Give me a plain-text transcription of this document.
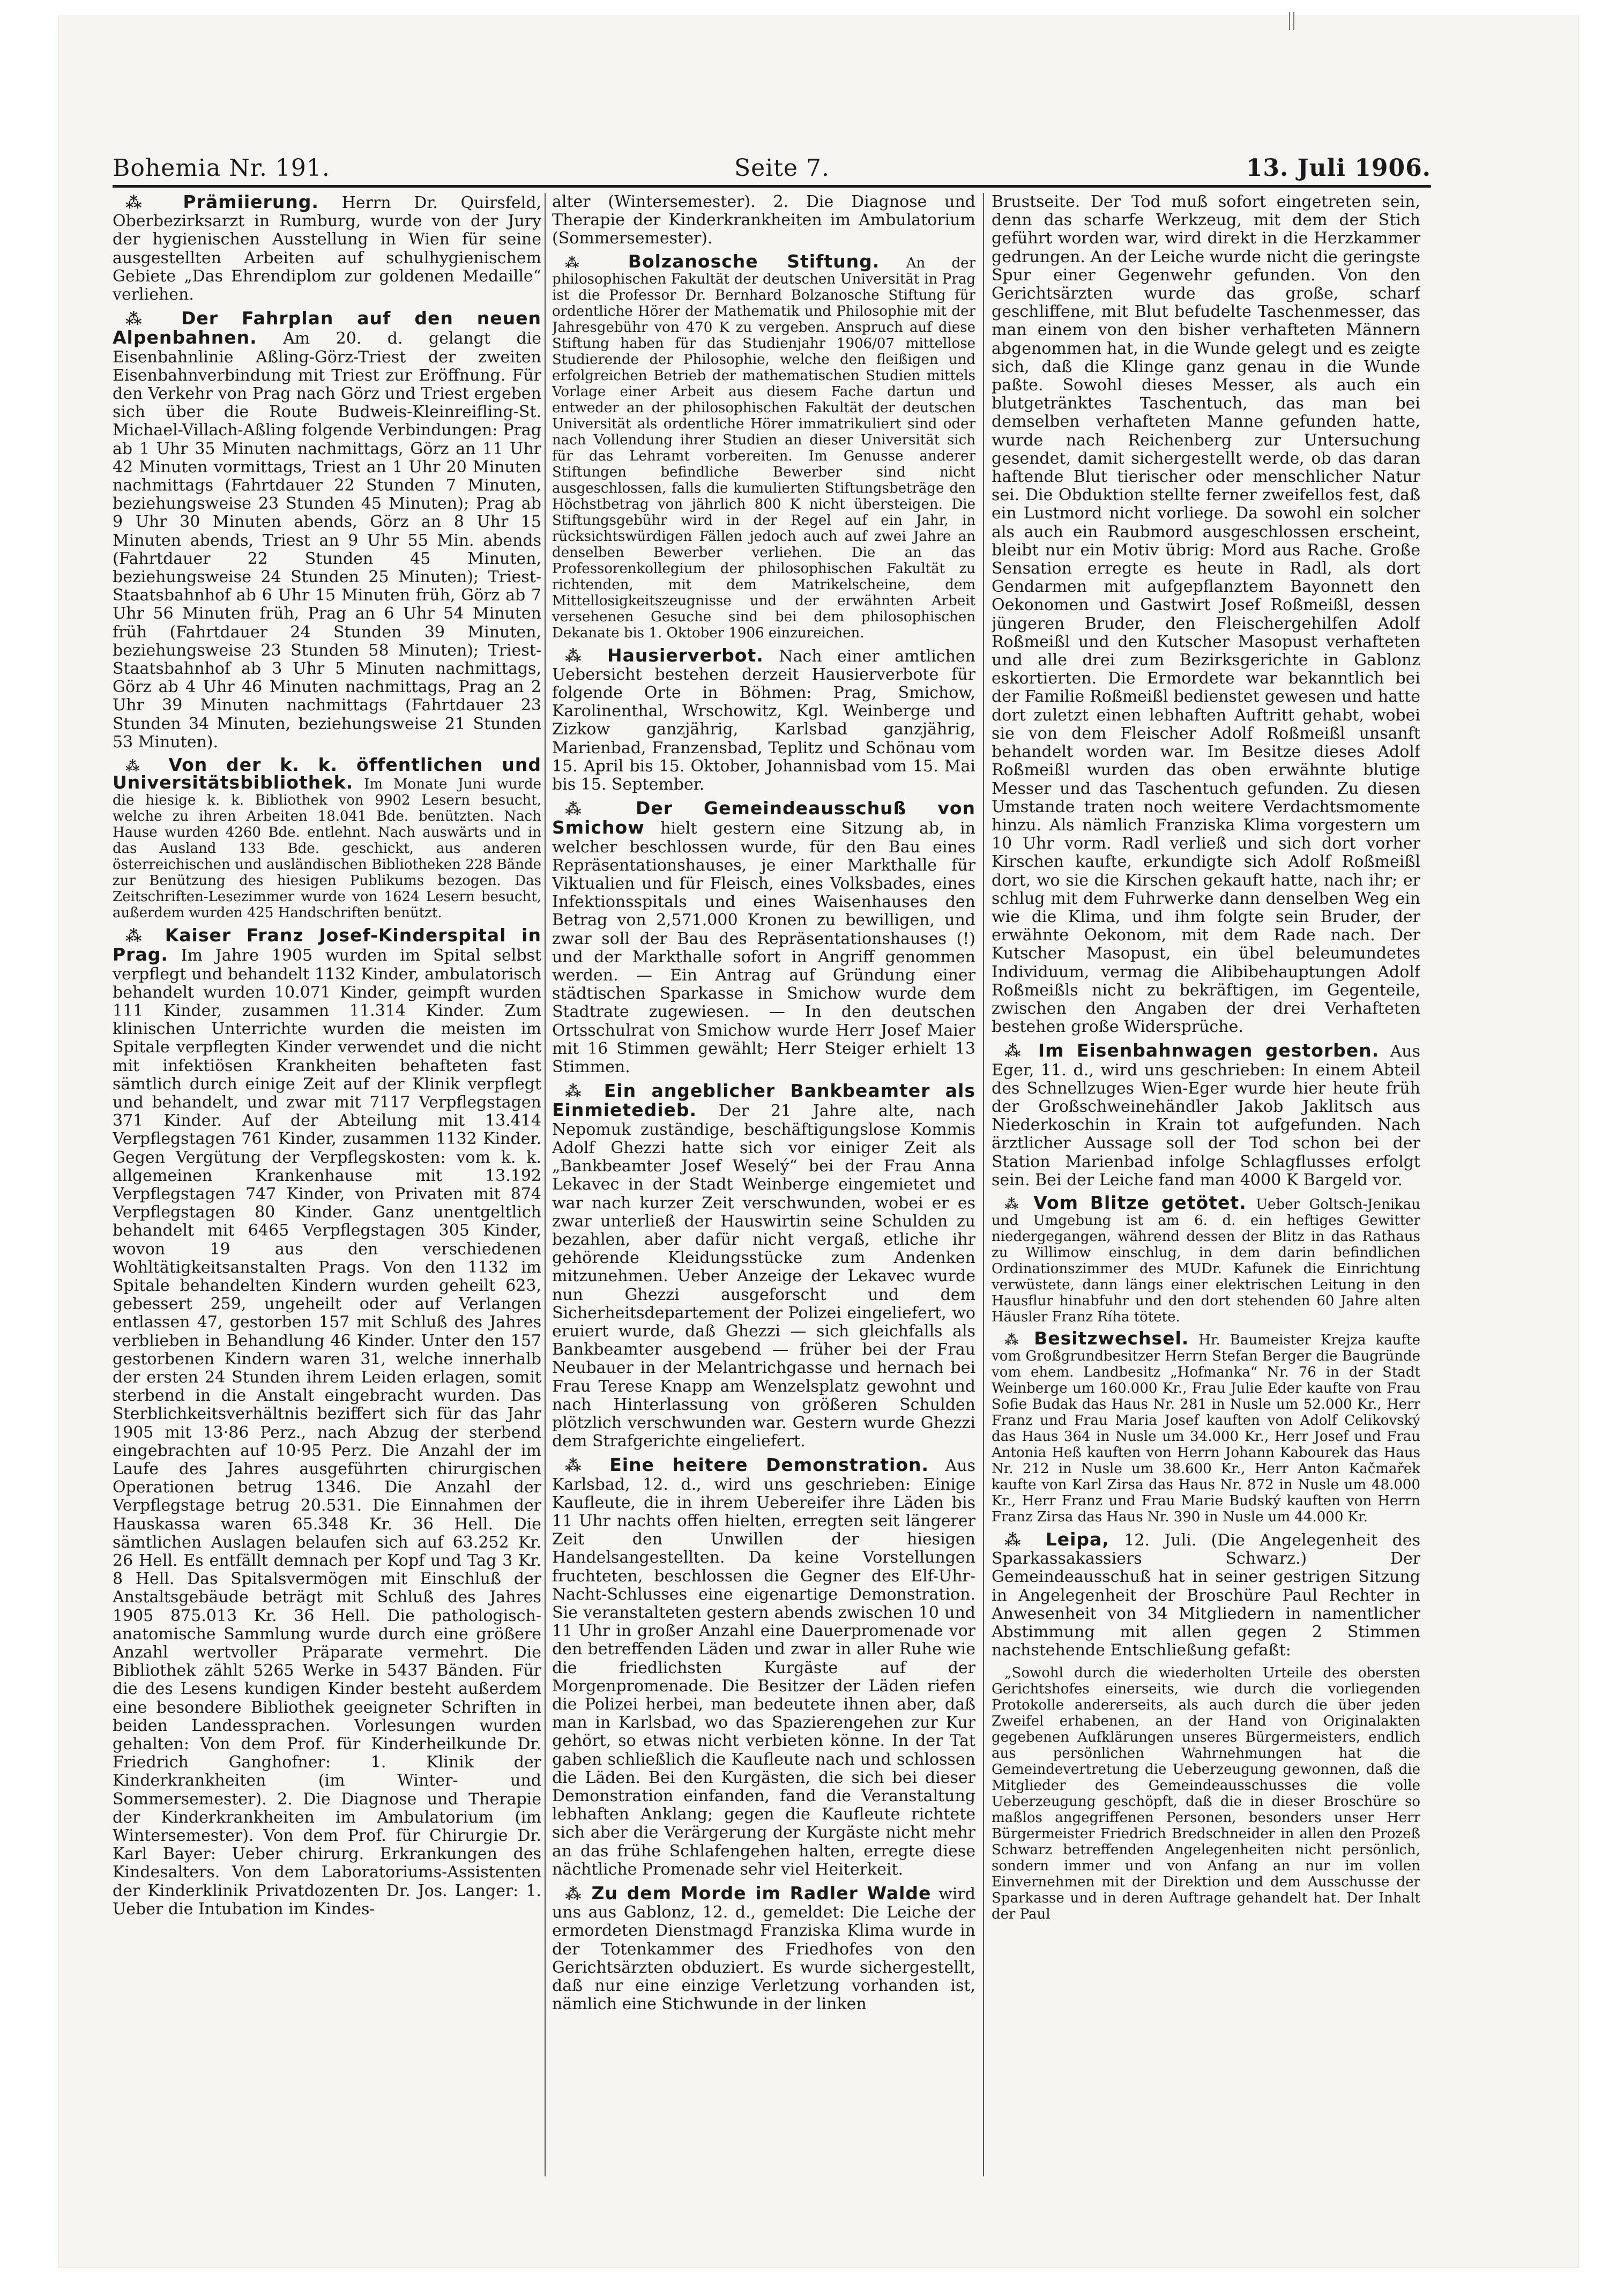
Bohemia Nr. 191.	Seite 7.	13. Juli 1906.

⁂ Prämiierung. Herrn Dr. Quirsfeld, Oberbezirksarzt in Rumburg, wurde von der Jury der hygienischen Ausstellung in Wien für seine ausgestellten Arbeiten auf schulhygienischem Gebiete „Das Ehrendiplom zur goldenen Medaille“ verliehen.

⁂ Der Fahrplan auf den neuen Alpenbahnen. Am 20. d. gelangt die Eisenbahnlinie Aßling-Görz-Triest der zweiten Eisenbahnverbindung mit Triest zur Eröffnung. Für den Verkehr von Prag nach Görz und Triest ergeben sich über die Route Budweis-Kleinreifling-St. Michael-Villach-Aßling folgende Verbindungen: Prag ab 1 Uhr 35 Minuten nachmittags, Görz an 11 Uhr 42 Minuten vormittags, Triest an 1 Uhr 20 Minuten nachmittags (Fahrtdauer 22 Stunden 7 Minuten, beziehungsweise 23 Stunden 45 Minuten); Prag ab 9 Uhr 30 Minuten abends, Görz an 8 Uhr 15 Minuten abends, Triest an 9 Uhr 55 Min. abends (Fahrtdauer 22 Stunden 45 Minuten, beziehungsweise 24 Stunden 25 Minuten); Triest-Staatsbahnhof ab 6 Uhr 15 Minuten früh, Görz ab 7 Uhr 56 Minuten früh, Prag an 6 Uhr 54 Minuten früh (Fahrtdauer 24 Stunden 39 Minuten, beziehungsweise 23 Stunden 58 Minuten); Triest-Staatsbahnhof ab 3 Uhr 5 Minuten nachmittags, Görz ab 4 Uhr 46 Minuten nachmittags, Prag an 2 Uhr 39 Minuten nachmittags (Fahrtdauer 23 Stunden 34 Minuten, beziehungsweise 21 Stunden 53 Minuten).

⁂ Von der k. k. öffentlichen und Universitätsbibliothek. Im Monate Juni wurde die hiesige k. k. Bibliothek von 9902 Lesern besucht, welche zu ihren Arbeiten 18.041 Bde. benützten. Nach Hause wurden 4260 Bde. entlehnt. Nach auswärts und in das Ausland 133 Bde. geschickt, aus anderen österreichischen und ausländischen Bibliotheken 228 Bände zur Benützung des hiesigen Publikums bezogen. Das Zeitschriften-Lesezimmer wurde von 1624 Lesern besucht, außerdem wurden 425 Handschriften benützt.

⁂ Kaiser Franz Josef-Kinderspital in Prag. Im Jahre 1905 wurden im Spital selbst verpflegt und behandelt 1132 Kinder, ambulatorisch behandelt wurden 10.071 Kinder, geimpft wurden 111 Kinder, zusammen 11.314 Kinder. Zum klinischen Unterrichte wurden die meisten im Spitale verpflegten Kinder verwendet und die nicht mit infektiösen Krankheiten behafteten fast sämtlich durch einige Zeit auf der Klinik verpflegt und behandelt, und zwar mit 7117 Verpflegstagen 371 Kinder. Auf der Abteilung mit 13.414 Verpflegstagen 761 Kinder, zusammen 1132 Kinder. Gegen Vergütung der Verpflegskosten: vom k. k. allgemeinen Krankenhause mit 13.192 Verpflegstagen 747 Kinder, von Privaten mit 874 Verpflegstagen 80 Kinder. Ganz unentgeltlich behandelt mit 6465 Verpflegstagen 305 Kinder, wovon 19 aus den verschiedenen Wohltätigkeitsanstalten Prags. Von den 1132 im Spitale behandelten Kindern wurden geheilt 623, gebessert 259, ungeheilt oder auf Verlangen entlassen 47, gestorben 157 mit Schluß des Jahres verblieben in Behandlung 46 Kinder. Unter den 157 gestorbenen Kindern waren 31, welche innerhalb der ersten 24 Stunden ihrem Leiden erlagen, somit sterbend in die Anstalt eingebracht wurden. Das Sterblichkeitsverhältnis beziffert sich für das Jahr 1905 mit 13·86 Perz., nach Abzug der sterbend eingebrachten auf 10·95 Perz. Die Anzahl der im Laufe des Jahres ausgeführten chirurgischen Operationen betrug 1346. Die Anzahl der Verpflegstage betrug 20.531. Die Einnahmen der Hauskassa waren 65.348 Kr. 36 Hell. Die sämtlichen Auslagen belaufen sich auf 63.252 Kr. 26 Hell. Es entfällt demnach per Kopf und Tag 3 Kr. 8 Hell. Das Spitalsvermögen mit Einschluß der Anstaltsgebäude beträgt mit Schluß des Jahres 1905 875.013 Kr. 36 Hell. Die pathologisch-anatomische Sammlung wurde durch eine größere Anzahl wertvoller Präparate vermehrt. Die Bibliothek zählt 5265 Werke in 5437 Bänden. Für die des Lesens kundigen Kinder besteht außerdem eine besondere Bibliothek geeigneter Schriften in beiden Landessprachen. Vorlesungen wurden gehalten: Von dem Prof. für Kinderheilkunde Dr. Friedrich Ganghofner: 1. Klinik der Kinderkrankheiten (im Winter- und Sommersemester). 2. Die Diagnose und Therapie der Kinderkrankheiten im Ambulatorium (im Wintersemester). Von dem Prof. für Chirurgie Dr. Karl Bayer: Ueber chirurg. Erkrankungen des Kindesalters. Von dem Laboratoriums-Assistenten der Kinderklinik Privatdozenten Dr. Jos. Langer: 1. Ueber die Intubation im Kindes-

alter (Wintersemester). 2. Die Diagnose und Therapie der Kinderkrankheiten im Ambulatorium (Sommersemester).

⁂ Bolzanosche Stiftung. An der philosophischen Fakultät der deutschen Universität in Prag ist die Professor Dr. Bernhard Bolzanosche Stiftung für ordentliche Hörer der Mathematik und Philosophie mit der Jahresgebühr von 470 K zu vergeben. Anspruch auf diese Stiftung haben für das Studienjahr 1906/07 mittellose Studierende der Philosophie, welche den fleißigen und erfolgreichen Betrieb der mathematischen Studien mittels Vorlage einer Arbeit aus diesem Fache dartun und entweder an der philosophischen Fakultät der deutschen Universität als ordentliche Hörer immatrikuliert sind oder nach Vollendung ihrer Studien an dieser Universität sich für das Lehramt vorbereiten. Im Genusse anderer Stiftungen befindliche Bewerber sind nicht ausgeschlossen, falls die kumulierten Stiftungsbeträge den Höchstbetrag von jährlich 800 K nicht übersteigen. Die Stiftungsgebühr wird in der Regel auf ein Jahr, in rücksichtswürdigen Fällen jedoch auch auf zwei Jahre an denselben Bewerber verliehen. Die an das Professorenkollegium der philosophischen Fakultät zu richtenden, mit dem Matrikelscheine, dem Mittellosigkeitszeugnisse und der erwähnten Arbeit versehenen Gesuche sind bei dem philosophischen Dekanate bis 1. Oktober 1906 einzureichen.

⁂ Hausierverbot. Nach einer amtlichen Uebersicht bestehen derzeit Hausierverbote für folgende Orte in Böhmen: Prag, Smichow, Karolinenthal, Wrschowitz, Kgl. Weinberge und Zizkow ganzjährig, Karlsbad ganzjährig, Marienbad, Franzensbad, Teplitz und Schönau vom 15. April bis 15. Oktober, Johannisbad vom 15. Mai bis 15. September.

⁂ Der Gemeindeausschuß von Smichow hielt gestern eine Sitzung ab, in welcher beschlossen wurde, für den Bau eines Repräsentationshauses, je einer Markthalle für Viktualien und für Fleisch, eines Volksbades, eines Infektionsspitals und eines Waisenhauses den Betrag von 2,571.000 Kronen zu bewilligen, und zwar soll der Bau des Repräsentationshauses (!) und der Markthalle sofort in Angriff genommen werden. — Ein Antrag auf Gründung einer städtischen Sparkasse in Smichow wurde dem Stadtrate zugewiesen. — In den deutschen Ortsschulrat von Smichow wurde Herr Josef Maier mit 16 Stimmen gewählt; Herr Steiger erhielt 13 Stimmen.

⁂ Ein angeblicher Bankbeamter als Einmietedieb. Der 21 Jahre alte, nach Nepomuk zuständige, beschäftigungslose Kommis Adolf Ghezzi hatte sich vor einiger Zeit als „Bankbeamter Josef Weselý“ bei der Frau Anna Lekavec in der Stadt Weinberge eingemietet und war nach kurzer Zeit verschwunden, wobei er es zwar unterließ der Hauswirtin seine Schulden zu bezahlen, aber dafür nicht vergaß, etliche ihr gehörende Kleidungsstücke zum Andenken mitzunehmen. Ueber Anzeige der Lekavec wurde nun Ghezzi ausgeforscht und dem Sicherheitsdepartement der Polizei eingeliefert, wo eruiert wurde, daß Ghezzi — sich gleichfalls als Bankbeamter ausgebend — früher bei der Frau Neubauer in der Melantrichgasse und hernach bei Frau Terese Knapp am Wenzelsplatz gewohnt und nach Hinterlassung von größeren Schulden plötzlich verschwunden war. Gestern wurde Ghezzi dem Strafgerichte eingeliefert.

⁂ Eine heitere Demonstration. Aus Karlsbad, 12. d., wird uns geschrieben: Einige Kaufleute, die in ihrem Uebereifer ihre Läden bis 11 Uhr nachts offen hielten, erregten seit längerer Zeit den Unwillen der hiesigen Handelsangestellten. Da keine Vorstellungen fruchteten, beschlossen die Gegner des Elf-Uhr-Nacht-Schlusses eine eigenartige Demonstration. Sie veranstalteten gestern abends zwischen 10 und 11 Uhr in großer Anzahl eine Dauerpromenade vor den betreffenden Läden und zwar in aller Ruhe wie die friedlichsten Kurgäste auf der Morgenpromenade. Die Besitzer der Läden riefen die Polizei herbei, man bedeutete ihnen aber, daß man in Karlsbad, wo das Spazierengehen zur Kur gehört, so etwas nicht verbieten könne. In der Tat gaben schließlich die Kaufleute nach und schlossen die Läden. Bei den Kurgästen, die sich bei dieser Demonstration einfanden, fand die Veranstaltung lebhaften Anklang; gegen die Kaufleute richtete sich aber die Verärgerung der Kurgäste nicht mehr an das frühe Schlafengehen halten, erregte diese nächtliche Promenade sehr viel Heiterkeit.

⁂ Zu dem Morde im Radler Walde wird uns aus Gablonz, 12. d., gemeldet: Die Leiche der ermordeten Dienstmagd Franziska Klima wurde in der Totenkammer des Friedhofes von den Gerichtsärzten obduziert. Es wurde sichergestellt, daß nur eine einzige Verletzung vorhanden ist, nämlich eine Stichwunde in der linken

Brustseite. Der Tod muß sofort eingetreten sein, denn das scharfe Werkzeug, mit dem der Stich geführt worden war, wird direkt in die Herzkammer gedrungen. An der Leiche wurde nicht die geringste Spur einer Gegenwehr gefunden. Von den Gerichtsärzten wurde das große, scharf geschliffene, mit Blut befudelte Taschenmesser, das man einem von den bisher verhafteten Männern abgenommen hat, in die Wunde gelegt und es zeigte sich, daß die Klinge ganz genau in die Wunde paßte. Sowohl dieses Messer, als auch ein blutgetränktes Taschentuch, das man bei demselben verhafteten Manne gefunden hatte, wurde nach Reichenberg zur Untersuchung gesendet, damit sichergestellt werde, ob das daran haftende Blut tierischer oder menschlicher Natur sei. Die Obduktion stellte ferner zweifellos fest, daß ein Lustmord nicht vorliege. Da sowohl ein solcher als auch ein Raubmord ausgeschlossen erscheint, bleibt nur ein Motiv übrig: Mord aus Rache. Große Sensation erregte es heute in Radl, als dort Gendarmen mit aufgepflanztem Bayonnett den Oekonomen und Gastwirt Josef Roßmeißl, dessen jüngeren Bruder, den Fleischergehilfen Adolf Roßmeißl und den Kutscher Masopust verhafteten und alle drei zum Bezirksgerichte in Gablonz eskortierten. Die Ermordete war bekanntlich bei der Familie Roßmeißl bedienstet gewesen und hatte dort zuletzt einen lebhaften Auftritt gehabt, wobei sie von dem Fleischer Adolf Roßmeißl unsanft behandelt worden war. Im Besitze dieses Adolf Roßmeißl wurden das oben erwähnte blutige Messer und das Taschentuch gefunden. Zu diesen Umstande traten noch weitere Verdachtsmomente hinzu. Als nämlich Franziska Klima vorgestern um 10 Uhr vorm. Radl verließ und sich dort vorher Kirschen kaufte, erkundigte sich Adolf Roßmeißl dort, wo sie die Kirschen gekauft hatte, nach ihr; er schlug mit dem Fuhrwerke dann denselben Weg ein wie die Klima, und ihm folgte sein Bruder, der erwähnte Oekonom, mit dem Rade nach. Der Kutscher Masopust, ein übel beleumundetes Individuum, vermag die Alibibehauptungen Adolf Roßmeißls nicht zu bekräftigen, im Gegenteile, zwischen den Angaben der drei Verhafteten bestehen große Widersprüche.

⁂ Im Eisenbahnwagen gestorben. Aus Eger, 11. d., wird uns geschrieben: In einem Abteil des Schnellzuges Wien-Eger wurde hier heute früh der Großschweinehändler Jakob Jaklitsch aus Niederkoschin in Krain tot aufgefunden. Nach ärztlicher Aussage soll der Tod schon bei der Station Marienbad infolge Schlagflusses erfolgt sein. Bei der Leiche fand man 4000 K Bargeld vor.

⁂ Vom Blitze getötet. Ueber Goltsch-Jenikau und Umgebung ist am 6. d. ein heftiges Gewitter niedergegangen, während dessen der Blitz in das Rathaus zu Willimow einschlug, in dem darin befindlichen Ordinationszimmer des MUDr. Kafunek die Einrichtung verwüstete, dann längs einer elektrischen Leitung in den Hausflur hinabfuhr und den dort stehenden 60 Jahre alten Häusler Franz Ríha tötete.

⁂ Besitzwechsel. Hr. Baumeister Krejza kaufte vom Großgrundbesitzer Herrn Stefan Berger die Baugründe vom ehem. Landbesitz „Hofmanka“ Nr. 76 in der Stadt Weinberge um 160.000 Kr., Frau Julie Eder kaufte von Frau Sofie Budak das Haus Nr. 281 in Nusle um 52.000 Kr., Herr Franz und Frau Maria Josef kauften von Adolf Celikovský das Haus 364 in Nusle um 34.000 Kr., Herr Josef und Frau Antonia Heß kauften von Herrn Johann Kabourek das Haus Nr. 212 in Nusle um 38.600 Kr., Herr Anton Kačmařek kaufte von Karl Zirsa das Haus Nr. 872 in Nusle um 48.000 Kr., Herr Franz und Frau Marie Budský kauften von Herrn Franz Zirsa das Haus Nr. 390 in Nusle um 44.000 Kr.

⁂ Leipa, 12. Juli. (Die Angelegenheit des Sparkassakassiers Schwarz.) Der Gemeindeausschuß hat in seiner gestrigen Sitzung in Angelegenheit der Broschüre Paul Rechter in Anwesenheit von 34 Mitgliedern in namentlicher Abstimmung mit allen gegen 2 Stimmen nachstehende Entschließung gefaßt:

„Sowohl durch die wiederholten Urteile des obersten Gerichtshofes einerseits, wie durch die vorliegenden Protokolle andererseits, als auch durch die über jeden Zweifel erhabenen, an der Hand von Originalakten gegebenen Aufklärungen unseres Bürgermeisters, endlich aus persönlichen Wahrnehmungen hat die Gemeindevertretung die Ueberzeugung gewonnen, daß die Mitglieder des Gemeindeausschusses die volle Ueberzeugung geschöpft, daß die in dieser Broschüre so maßlos angegriffenen Personen, besonders unser Herr Bürgermeister Friedrich Bredschneider in allen den Prozeß Schwarz betreffenden Angelegenheiten nicht persönlich, sondern immer und von Anfang an nur im vollen Einvernehmen mit der Direktion und dem Ausschusse der Sparkasse und in deren Auftrage gehandelt hat. Der Inhalt der Paul
